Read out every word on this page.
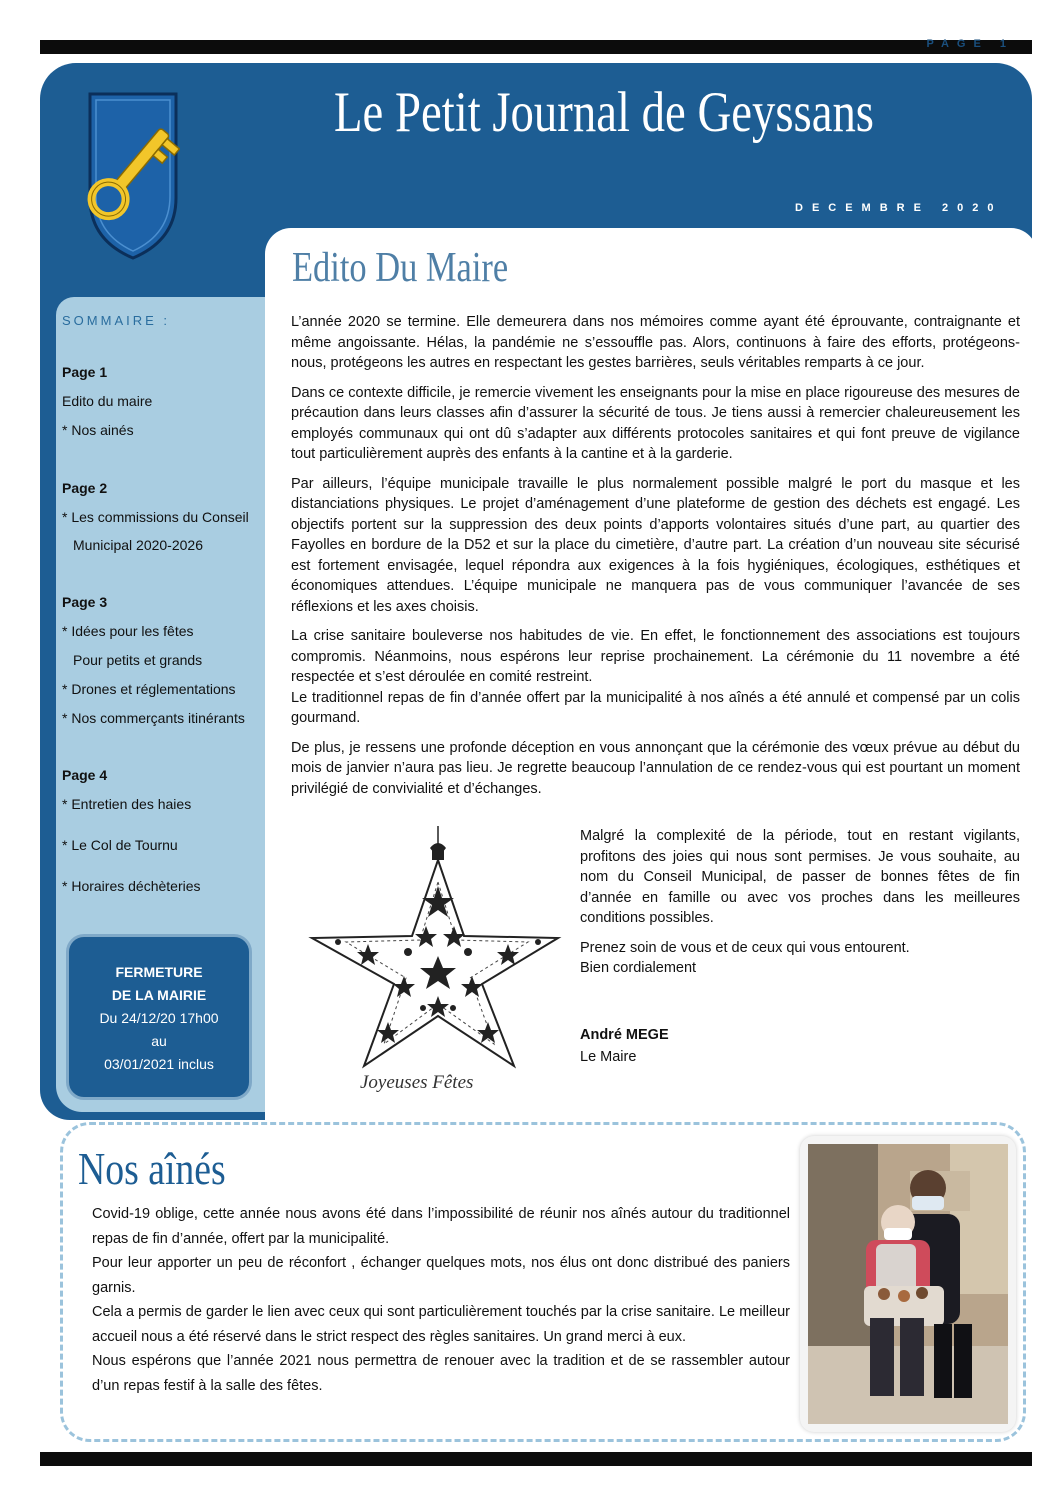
PAGE 1
Le Petit Journal de Geyssans
DECEMBRE 2020
SOMMAIRE :
Page 1
Edito du maire
* Nos ainés
Page 2
* Les commissions du Conseil
Municipal 2020-2026
Page 3
* Idées pour les fêtes
Pour petits et grands
* Drones et réglementations
* Nos commerçants itinérants
Page 4
* Entretien des haies
* Le Col de Tournu
* Horaires déchèteries
FERMETURE
DE LA MAIRIE
Du 24/12/20 17h00
au
03/01/2021 inclus
Edito Du Maire

L’année 2020 se termine. Elle demeurera dans nos mémoires comme ayant été éprouvante, contraignante et même angoissante. Hélas, la pandémie ne s’essouffle pas. Alors, continuons à faire des efforts, protégeons-nous, protégeons les autres en respectant les gestes barrières, seuls véritables remparts à ce jour.

Dans ce contexte difficile, je remercie vivement les enseignants pour la mise en place rigoureuse des mesures de précaution dans leurs classes afin d’assurer la sécurité de tous. Je tiens aussi à remercier chaleureusement les employés communaux qui ont dû s’adapter aux différents protocoles sanitaires et qui font preuve de vigilance tout particulièrement auprès des enfants à la cantine et à la garderie.

Par ailleurs, l’équipe municipale travaille le plus normalement possible malgré le port du masque et les distanciations physiques. Le projet d’aménagement d’une plateforme de gestion des déchets est engagé. Les objectifs portent sur la suppression des deux points d’apports volontaires situés d’une part, au quartier des Fayolles en bordure de la D52 et sur la place du cimetière, d’autre part. La création d’un nouveau site sécurisé est fortement envisagée, lequel répondra aux exigences à la fois hygiéniques, écologiques, esthétiques et économiques attendues. L’équipe municipale ne manquera pas de vous communiquer l’avancée de ses réflexions et les axes choisis.

La crise sanitaire bouleverse nos habitudes de vie. En effet, le fonctionnement des associations est toujours compromis. Néanmoins, nous espérons leur reprise prochainement. La cérémonie du 11 novembre a été respectée et s’est déroulée en comité restreint.

Le traditionnel repas de fin d’année offert par la municipalité à nos aînés a été annulé et compensé par un colis gourmand.

De plus, je ressens une profonde déception en vous annonçant que la cérémonie des vœux prévue au début du mois de janvier n’aura pas lieu. Je regrette beaucoup l’annulation de ce rendez-vous qui est pourtant un moment privilégié de convivialité et d’échanges.

Joyeuses Fêtes

Malgré la complexité de la période, tout en restant vigilants, profitons des joies qui nous sont permises. Je vous souhaite, au nom du Conseil Municipal, de passer de bonnes fêtes de fin d’année en famille ou avec vos proches dans les meilleures conditions possibles.

Prenez soin de vous et de ceux qui vous entourent.

Bien cordialement

André MEGE
Le Maire
Nos aînés

Covid-19 oblige, cette année nous avons été dans l’impossibilité de réunir nos aînés autour du traditionnel repas de fin d’année, offert par la municipalité.

Pour leur apporter un peu de réconfort , échanger quelques mots, nos élus ont donc distribué des paniers garnis.

Cela a permis de garder le lien avec ceux qui sont particulièrement touchés par la crise sanitaire. Le meilleur accueil nous a été réservé dans le strict respect des règles sanitaires. Un grand merci à eux.

Nous espérons que l’année 2021 nous permettra de renouer avec la tradition et de se rassembler autour d’un repas festif à la salle des fêtes.
